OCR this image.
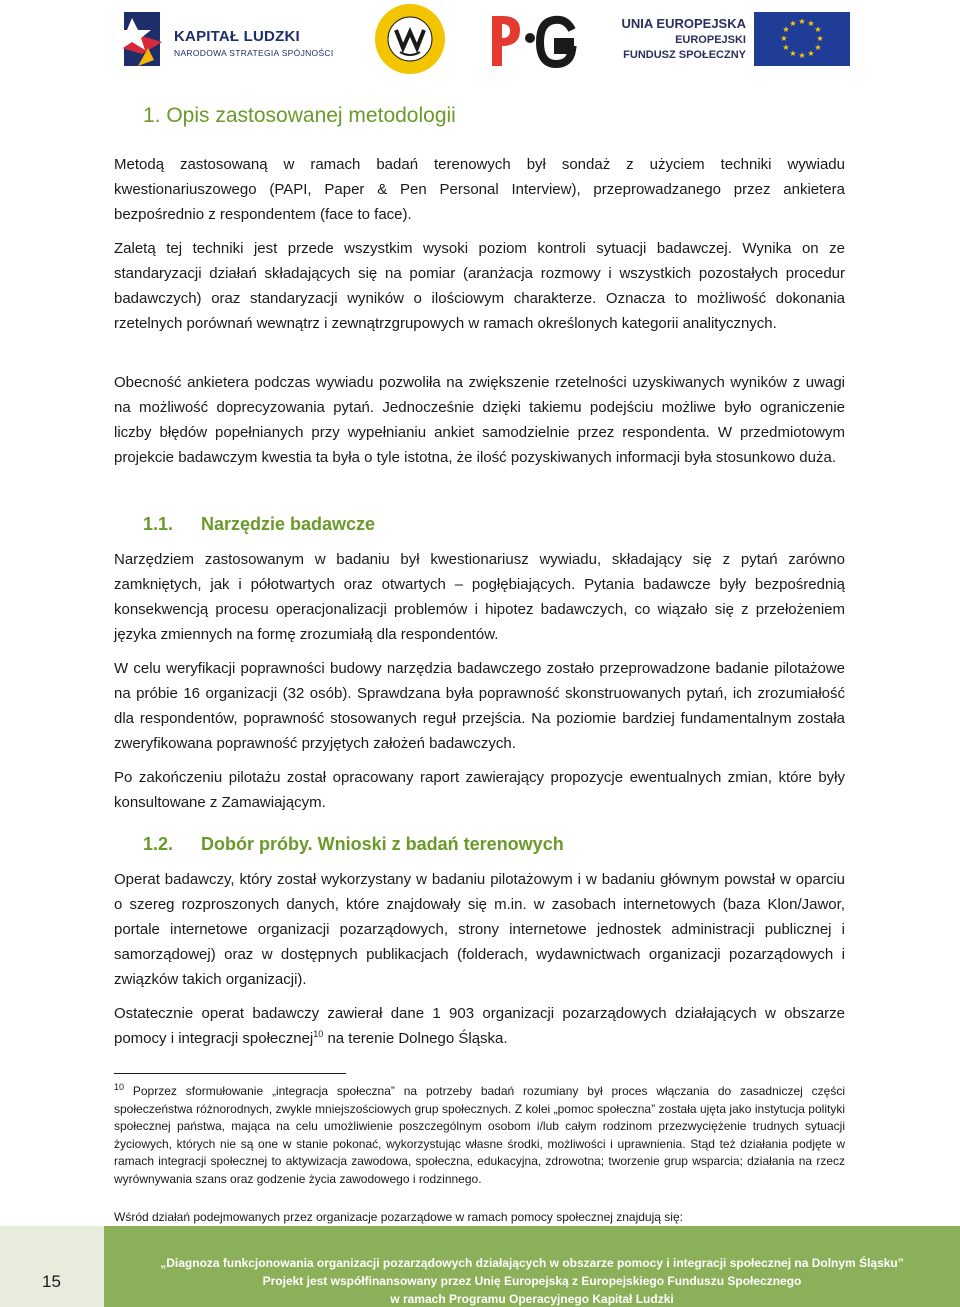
KAPITAŁ LUDZKI
NARODOWA STRATEGIA SPÓJNOŚCI
UNIA EUROPEJSKA
EUROPEJSKI
FUNDUSZ SPOŁECZNY
★ ★
★
★
★
★
★
★
★
★
★
★
1. Opis zastosowanej metodologii

Metodą zastosowaną w ramach badań terenowych był sondaż z użyciem techniki wywiadu kwestionariuszowego (PAPI, Paper & Pen Personal Interview), przeprowadzanego przez ankietera bezpośrednio z respondentem (face to face).

Zaletą tej techniki jest przede wszystkim wysoki poziom kontroli sytuacji badawczej. Wynika on ze standaryzacji działań składających się na pomiar (aranżacja rozmowy i wszystkich pozostałych procedur badawczych) oraz standaryzacji wyników o ilościowym charakterze. Oznacza to możliwość dokonania rzetelnych porównań wewnątrz i zewnątrzgrupowych w ramach określonych kategorii analitycznych.

Obecność ankietera podczas wywiadu pozwoliła na zwiększenie rzetelności uzyskiwanych wyników z uwagi na możliwość doprecyzowania pytań. Jednocześnie dzięki takiemu podejściu możliwe było ograniczenie liczby błędów popełnianych przy wypełnianiu ankiet samodzielnie przez respondenta. W przedmiotowym projekcie badawczym kwestia ta była o tyle istotna, że ilość pozyskiwanych informacji była stosunkowo duża.

1.1. Narzędzie badawcze

Narzędziem zastosowanym w badaniu był kwestionariusz wywiadu, składający się z pytań zarówno zamkniętych, jak i półotwartych oraz otwartych – pogłębiających. Pytania badawcze były bezpośrednią konsekwencją procesu operacjonalizacji problemów i hipotez badawczych, co wiązało się z przełożeniem języka zmiennych na formę zrozumiałą dla respondentów.

W celu weryfikacji poprawności budowy narzędzia badawczego zostało przeprowadzone badanie pilotażowe na próbie 16 organizacji (32 osób). Sprawdzana była poprawność skonstruowanych pytań, ich zrozumiałość dla respondentów, poprawność stosowanych reguł przejścia. Na poziomie bardziej fundamentalnym została zweryfikowana poprawność przyjętych założeń badawczych.

Po zakończeniu pilotażu został opracowany raport zawierający propozycje ewentualnych zmian, które były konsultowane z Zamawiającym.

1.2. Dobór próby. Wnioski z badań terenowych

Operat badawczy, który został wykorzystany w badaniu pilotażowym i w badaniu głównym powstał w oparciu o szereg rozproszonych danych, które znajdowały się m.in. w zasobach internetowych (baza Klon/Jawor, portale internetowe organizacji pozarządowych, strony internetowe jednostek administracji publicznej i samorządowej) oraz w dostępnych publikacjach (folderach, wydawnictwach organizacji pozarządowych i związków takich organizacji).

Ostatecznie operat badawczy zawierał dane 1 903 organizacji pozarządowych działających w obszarze pomocy i integracji społecznej$^{10}$ na terenie Dolnego Śląska.

$^{10}$ Poprzez sformułowanie „integracja społeczna” na potrzeby badań rozumiany był proces włączania do zasadniczej części społeczeństwa różnorodnych, zwykle mniejszościowych grup społecznych. Z kolei „pomoc społeczna” została ujęta jako instytucja polityki społecznej państwa, mająca na celu umożliwienie poszczególnym osobom i/lub całym rodzinom przezwyciężenie trudnych sytuacji życiowych, których nie są one w stanie pokonać, wykorzystując własne środki, możliwości i uprawnienia. Stąd też działania podjęte w ramach integracji społecznej to aktywizacja zawodowa, społeczna, edukacyjna, zdrowotna; tworzenie grup wsparcia; działania na rzecz wyrównywania szans oraz godzenie życia zawodowego i rodzinnego.

Wśród działań podejmowanych przez organizacje pozarządowe w ramach pomocy społecznej znajdują się:

15
„Diagnoza funkcjonowania organizacji pozarządowych działających w obszarze pomocy i integracji społecznej na Dolnym Śląsku”
Projekt jest współfinansowany przez Unię Europejską z Europejskiego Funduszu Społecznego
w ramach Programu Operacyjnego Kapitał Ludzki
